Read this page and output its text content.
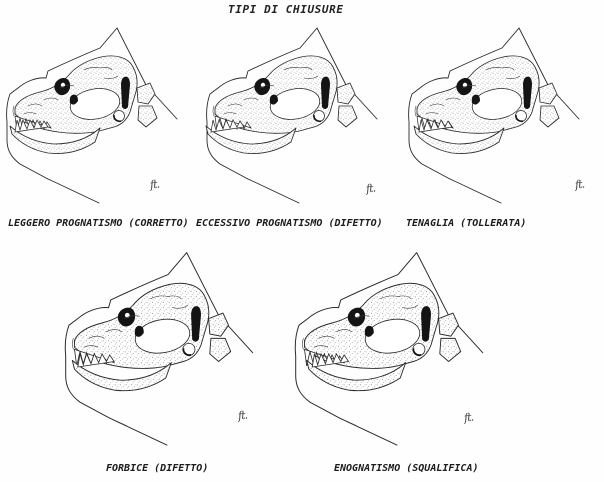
TIPI DI CHIUSURE
ft.	ft.	ft.
ft.	ft.
LEGGERO PROGNATISMO (CORRETTO) ECCESSIVO PROGNATISMO (DIFETTO) TENAGLIA (TOLLERATA)
FORBICE (DIFETTO)	ENOGNATISMO (SQUALIFICA)
